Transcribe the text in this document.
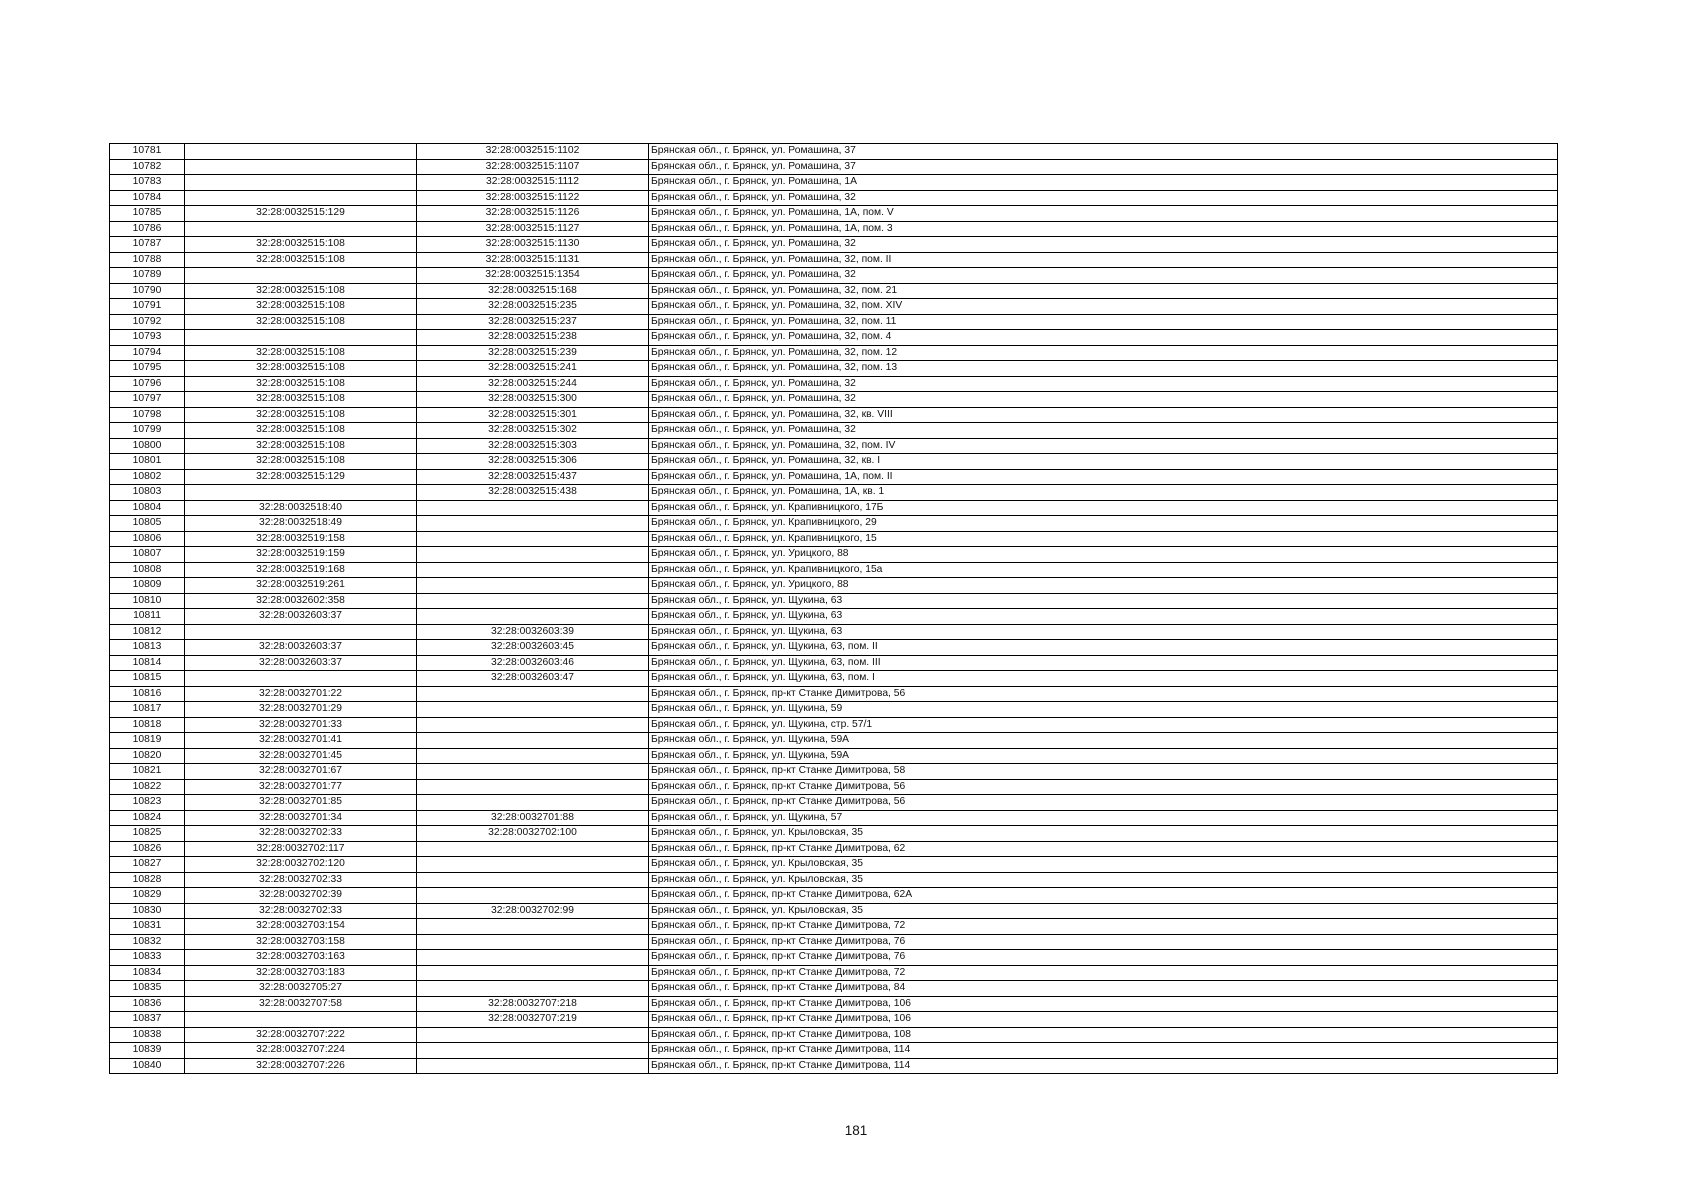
10781		32:28:0032515:1102	Брянская обл., г. Брянск, ул. Ромашина, 37
10782		32:28:0032515:1107	Брянская обл., г. Брянск, ул. Ромашина, 37
10783		32:28:0032515:1112	Брянская обл., г. Брянск, ул. Ромашина, 1А
10784		32:28:0032515:1122	Брянская обл., г. Брянск, ул. Ромашина, 32
10785	32:28:0032515:129	32:28:0032515:1126	Брянская обл., г. Брянск, ул. Ромашина, 1А, пом. V
10786		32:28:0032515:1127	Брянская обл., г. Брянск, ул. Ромашина, 1А, пом. 3
10787	32:28:0032515:108	32:28:0032515:1130	Брянская обл., г. Брянск, ул. Ромашина, 32
10788	32:28:0032515:108	32:28:0032515:1131	Брянская обл., г. Брянск, ул. Ромашина, 32, пом. II
10789		32:28:0032515:1354	Брянская обл., г. Брянск, ул. Ромашина, 32
10790	32:28:0032515:108	32:28:0032515:168	Брянская обл., г. Брянск, ул. Ромашина, 32, пом. 21
10791	32:28:0032515:108	32:28:0032515:235	Брянская обл., г. Брянск, ул. Ромашина, 32, пом. XIV
10792	32:28:0032515:108	32:28:0032515:237	Брянская обл., г. Брянск, ул. Ромашина, 32, пом. 11
10793		32:28:0032515:238	Брянская обл., г. Брянск, ул. Ромашина, 32, пом. 4
10794	32:28:0032515:108	32:28:0032515:239	Брянская обл., г. Брянск, ул. Ромашина, 32, пом. 12
10795	32:28:0032515:108	32:28:0032515:241	Брянская обл., г. Брянск, ул. Ромашина, 32, пом. 13
10796	32:28:0032515:108	32:28:0032515:244	Брянская обл., г. Брянск, ул. Ромашина, 32
10797	32:28:0032515:108	32:28:0032515:300	Брянская обл., г. Брянск, ул. Ромашина, 32
10798	32:28:0032515:108	32:28:0032515:301	Брянская обл., г. Брянск, ул. Ромашина, 32, кв. VIII
10799	32:28:0032515:108	32:28:0032515:302	Брянская обл., г. Брянск, ул. Ромашина, 32
10800	32:28:0032515:108	32:28:0032515:303	Брянская обл., г. Брянск, ул. Ромашина, 32, пом. IV
10801	32:28:0032515:108	32:28:0032515:306	Брянская обл., г. Брянск, ул. Ромашина, 32, кв. I
10802	32:28:0032515:129	32:28:0032515:437	Брянская обл., г. Брянск, ул. Ромашина, 1А, пом. II
10803		32:28:0032515:438	Брянская обл., г. Брянск, ул. Ромашина, 1А, кв. 1
10804	32:28:0032518:40		Брянская обл., г. Брянск, ул. Крапивницкого, 17Б
10805	32:28:0032518:49		Брянская обл., г. Брянск, ул. Крапивницкого, 29
10806	32:28:0032519:158		Брянская обл., г. Брянск, ул. Крапивницкого, 15
10807	32:28:0032519:159		Брянская обл., г. Брянск, ул. Урицкого, 88
10808	32:28:0032519:168		Брянская обл., г. Брянск, ул. Крапивницкого, 15а
10809	32:28:0032519:261		Брянская обл., г. Брянск, ул. Урицкого, 88
10810	32:28:0032602:358		Брянская обл., г. Брянск, ул. Щукина, 63
10811	32:28:0032603:37		Брянская обл., г. Брянск, ул. Щукина, 63
10812		32:28:0032603:39	Брянская обл., г. Брянск, ул. Щукина, 63
10813	32:28:0032603:37	32:28:0032603:45	Брянская обл., г. Брянск, ул. Щукина, 63, пом. II
10814	32:28:0032603:37	32:28:0032603:46	Брянская обл., г. Брянск, ул. Щукина, 63, пом. III
10815		32:28:0032603:47	Брянская обл., г. Брянск, ул. Щукина, 63, пом. I
10816	32:28:0032701:22		Брянская обл., г. Брянск, пр-кт Станке Димитрова, 56
10817	32:28:0032701:29		Брянская обл., г. Брянск, ул. Щукина, 59
10818	32:28:0032701:33		Брянская обл., г. Брянск, ул. Щукина, стр. 57/1
10819	32:28:0032701:41		Брянская обл., г. Брянск, ул. Щукина, 59А
10820	32:28:0032701:45		Брянская обл., г. Брянск, ул. Щукина, 59А
10821	32:28:0032701:67		Брянская обл., г. Брянск, пр-кт Станке Димитрова, 58
10822	32:28:0032701:77		Брянская обл., г. Брянск, пр-кт Станке Димитрова, 56
10823	32:28:0032701:85		Брянская обл., г. Брянск, пр-кт Станке Димитрова, 56
10824	32:28:0032701:34	32:28:0032701:88	Брянская обл., г. Брянск, ул. Щукина, 57
10825	32:28:0032702:33	32:28:0032702:100	Брянская обл., г. Брянск, ул. Крыловская, 35
10826	32:28:0032702:117		Брянская обл., г. Брянск, пр-кт Станке Димитрова, 62
10827	32:28:0032702:120		Брянская обл., г. Брянск, ул. Крыловская, 35
10828	32:28:0032702:33		Брянская обл., г. Брянск, ул. Крыловская, 35
10829	32:28:0032702:39		Брянская обл., г. Брянск, пр-кт Станке Димитрова, 62А
10830	32:28:0032702:33	32:28:0032702:99	Брянская обл., г. Брянск, ул. Крыловская, 35
10831	32:28:0032703:154		Брянская обл., г. Брянск, пр-кт Станке Димитрова, 72
10832	32:28:0032703:158		Брянская обл., г. Брянск, пр-кт Станке Димитрова, 76
10833	32:28:0032703:163		Брянская обл., г. Брянск, пр-кт Станке Димитрова, 76
10834	32:28:0032703:183		Брянская обл., г. Брянск, пр-кт Станке Димитрова, 72
10835	32:28:0032705:27		Брянская обл., г. Брянск, пр-кт Станке Димитрова, 84
10836	32:28:0032707:58	32:28:0032707:218	Брянская обл., г. Брянск, пр-кт Станке Димитрова, 106
10837		32:28:0032707:219	Брянская обл., г. Брянск, пр-кт Станке Димитрова, 106
10838	32:28:0032707:222		Брянская обл., г. Брянск, пр-кт Станке Димитрова, 108
10839	32:28:0032707:224		Брянская обл., г. Брянск, пр-кт Станке Димитрова, 114
10840	32:28:0032707:226		Брянская обл., г. Брянск, пр-кт Станке Димитрова, 114
181
